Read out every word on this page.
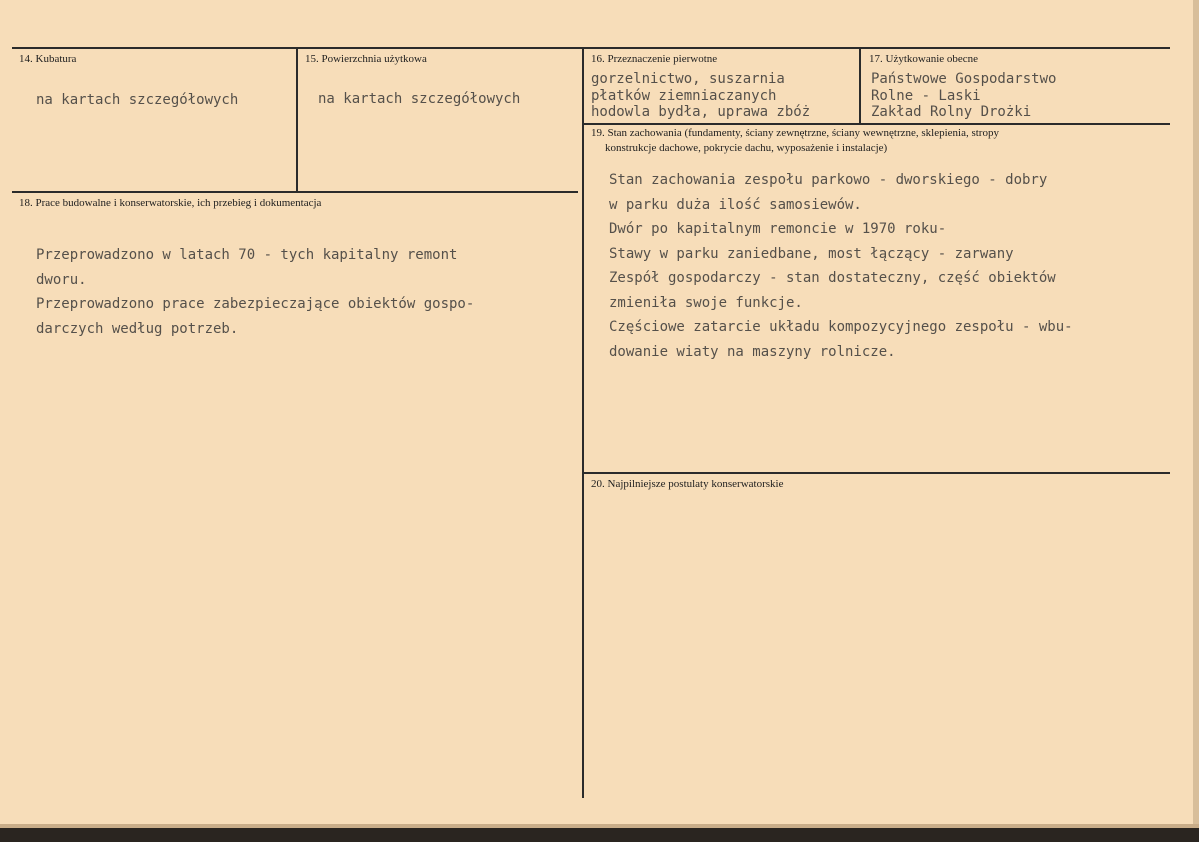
14. Kubatura
na kartach szczegółowych
15. Powierzchnia użytkowa
na kartach szczegółowych
16. Przeznaczenie pierwotne
gorzelnictwo, suszarnia
płatków ziemniaczanych
hodowla bydła, uprawa zbóż
17. Użytkowanie obecne
Państwowe Gospodarstwo
Rolne - Laski
Zakład Rolny Drożki
18. Prace budowalne i konserwatorskie, ich przebieg i dokumentacja
Przeprowadzono w latach 70 - tych kapitalny remont
dworu.
Przeprowadzono prace zabezpieczające obiektów gospo-
darczych według potrzeb.
19. Stan zachowania (fundamenty, ściany zewnętrzne, ściany wewnętrzne, sklepienia, stropy
konstrukcje dachowe, pokrycie dachu, wyposażenie i instalacje)
Stan zachowania zespołu parkowo - dworskiego - dobry
w parku duża ilość samosiewów.
Dwór po kapitalnym remoncie w 1970 roku-
Stawy w parku zaniedbane, most łączący - zarwany
Zespół gospodarczy - stan dostateczny, część obiektów
zmieniła swoje funkcje.
Częściowe zatarcie układu kompozycyjnego zespołu - wbu-
dowanie wiaty na maszyny rolnicze.
20. Najpilniejsze postulaty konserwatorskie
